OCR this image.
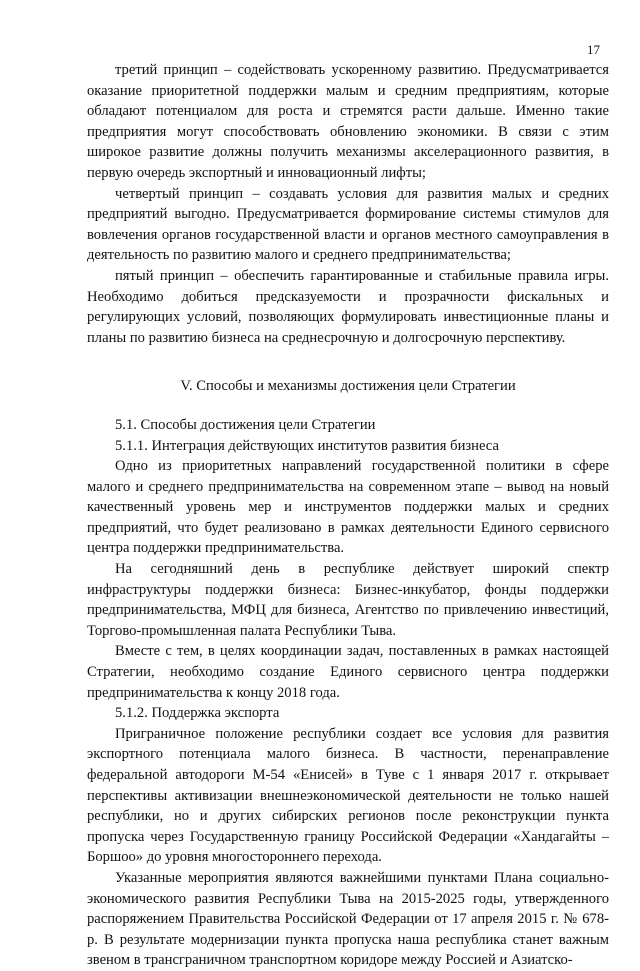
17

третий принцип – содействовать ускоренному развитию. Предусматривается оказание приоритетной поддержки малым и средним предприятиям, которые обладают потенциалом для роста и стремятся расти дальше. Именно такие предприятия могут способствовать обновлению экономики. В связи с этим широкое развитие должны получить механизмы акселерационного развития, в первую очередь экспортный и инновационный лифты;

четвертый принцип – создавать условия для развития малых и средних предприятий выгодно. Предусматривается формирование системы стимулов для вовлечения органов государственной власти и органов местного самоуправления в деятельность по развитию малого и среднего предпринимательства;

пятый принцип – обеспечить гарантированные и стабильные правила игры. Необходимо добиться предсказуемости и прозрачности фискальных и регулирующих условий, позволяющих формулировать инвестиционные планы и планы по развитию бизнеса на среднесрочную и долгосрочную перспективу.

V. Способы и механизмы достижения цели Стратегии

5.1. Способы достижения цели Стратегии

5.1.1. Интеграция действующих институтов развития бизнеса

Одно из приоритетных направлений государственной политики в сфере малого и среднего предпринимательства на современном этапе – вывод на новый качественный уровень мер и инструментов поддержки малых и средних предприятий, что будет реализовано в рамках деятельности Единого сервисного центра поддержки предпринимательства.

На сегодняшний день в республике действует широкий спектр инфраструктуры поддержки бизнеса: Бизнес-инкубатор, фонды поддержки предпринимательства, МФЦ для бизнеса, Агентство по привлечению инвестиций, Торгово-промышленная палата Республики Тыва.

Вместе с тем, в целях координации задач, поставленных в рамках настоящей Стратегии, необходимо создание Единого сервисного центра поддержки предпринимательства к концу 2018 года.

5.1.2. Поддержка экспорта

Приграничное положение республики создает все условия для развития экспортного потенциала малого бизнеса. В частности, перенаправление федеральной автодороги М-54 «Енисей» в Туве с 1 января 2017 г. открывает перспективы активизации внешнеэкономической деятельности не только нашей республики, но и других сибирских регионов после реконструкции пункта пропуска через Государственную границу Российской Федерации «Хандагайты – Боршоо» до уровня многостороннего перехода.

Указанные мероприятия являются важнейшими пунктами Плана социально-экономического развития Республики Тыва на 2015-2025 годы, утвержденного распоряжением Правительства Российской Федерации от 17 апреля 2015 г. № 678-р. В результате модернизации пункта пропуска наша республика станет важным звеном в трансграничном транспортном коридоре между Россией и Азиатско-
